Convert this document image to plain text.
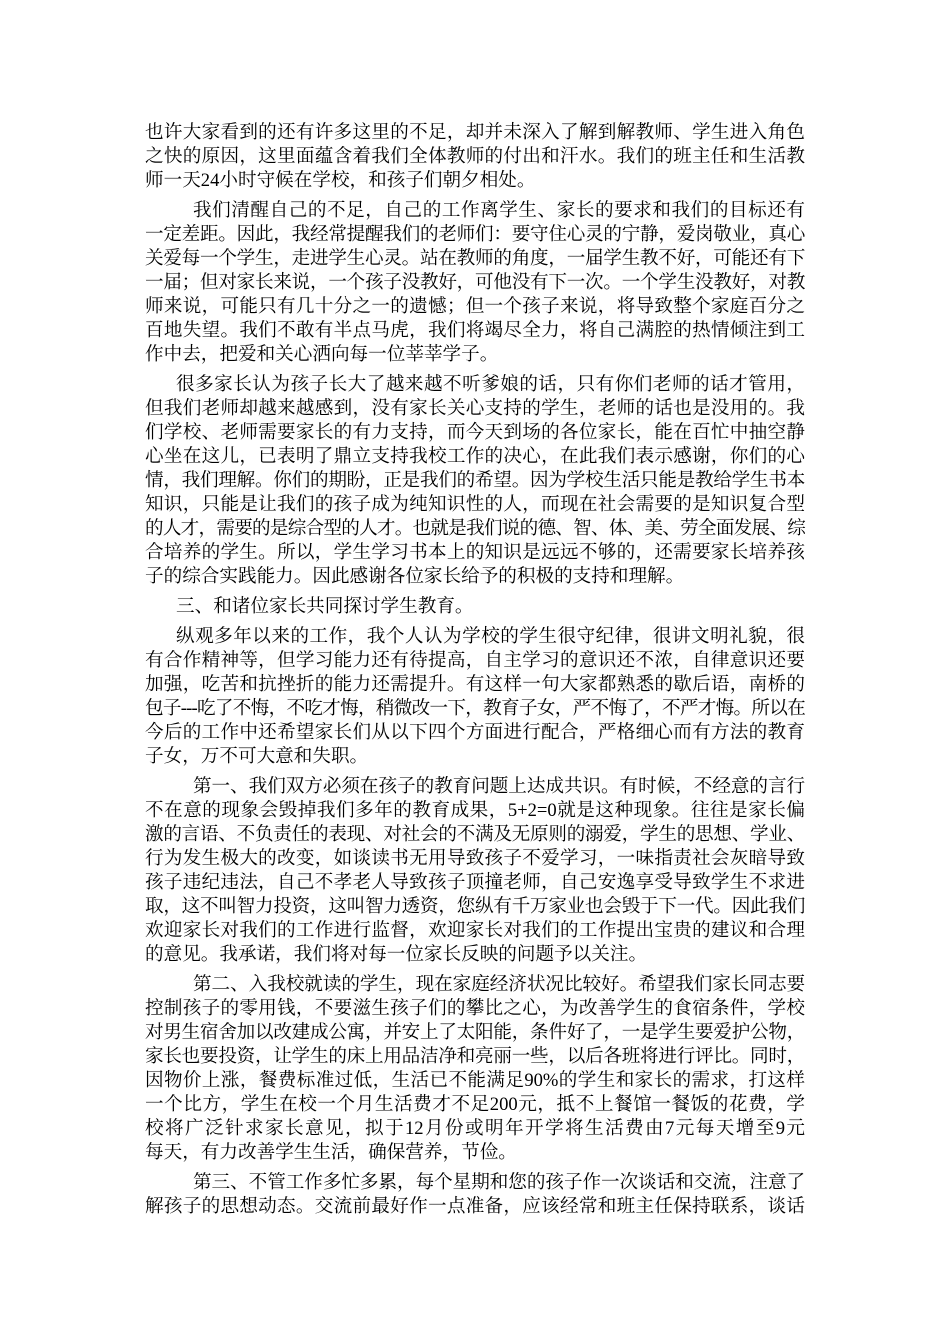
也许大家看到的还有许多这里的不足，却并未深入了解到解教师、学生进入角色
之快的原因，这里面蕴含着我们全体教师的付出和汗水。我们的班主任和生活教
师一天24小时守候在学校，和孩子们朝夕相处。
我们清醒自己的不足，自己的工作离学生、家长的要求和我们的目标还有
一定差距。因此，我经常提醒我们的老师们：要守住心灵的宁静，爱岗敬业，真心
关爱每一个学生，走进学生心灵。站在教师的角度，一届学生教不好，可能还有下
一届；但对家长来说，一个孩子没教好，可他没有下一次。一个学生没教好，对教
师来说，可能只有几十分之一的遗憾；但一个孩子来说，将导致整个家庭百分之
百地失望。我们不敢有半点马虎，我们将竭尽全力，将自己满腔的热情倾注到工
作中去，把爱和关心洒向每一位莘莘学子。
很多家长认为孩子长大了越来越不听爹娘的话，只有你们老师的话才管用，
但我们老师却越来越感到，没有家长关心支持的学生，老师的话也是没用的。我
们学校、老师需要家长的有力支持，而今天到场的各位家长，能在百忙中抽空静
心坐在这儿，已表明了鼎立支持我校工作的决心，在此我们表示感谢，你们的心
情，我们理解。你们的期盼，正是我们的希望。因为学校生活只能是教给学生书本
知识，只能是让我们的孩子成为纯知识性的人，而现在社会需要的是知识复合型
的人才，需要的是综合型的人才。也就是我们说的德、智、体、美、劳全面发展、综
合培养的学生。所以，学生学习书本上的知识是远远不够的，还需要家长培养孩
子的综合实践能力。因此感谢各位家长给予的积极的支持和理解。
三、和诸位家长共同探讨学生教育。
纵观多年以来的工作，我个人认为学校的学生很守纪律，很讲文明礼貌，很
有合作精神等，但学习能力还有待提高，自主学习的意识还不浓，自律意识还要
加强，吃苦和抗挫折的能力还需提升。有这样一句大家都熟悉的歇后语，南桥的
包子---吃了不悔，不吃才悔，稍微改一下，教育子女，严不悔了，不严才悔。所以在
今后的工作中还希望家长们从以下四个方面进行配合，严格细心而有方法的教育
子女，万不可大意和失职。
第一、我们双方必须在孩子的教育问题上达成共识。有时候，不经意的言行
不在意的现象会毁掉我们多年的教育成果，5+2=0就是这种现象。往往是家长偏
激的言语、不负责任的表现、对社会的不满及无原则的溺爱，学生的思想、学业、
行为发生极大的改变，如谈读书无用导致孩子不爱学习，一味指责社会灰暗导致
孩子违纪违法，自己不孝老人导致孩子顶撞老师，自己安逸享受导致学生不求进
取，这不叫智力投资，这叫智力透资，您纵有千万家业也会毁于下一代。因此我们
欢迎家长对我们的工作进行监督，欢迎家长对我们的工作提出宝贵的建议和合理
的意见。我承诺，我们将对每一位家长反映的问题予以关注。
第二、入我校就读的学生，现在家庭经济状况比较好。希望我们家长同志要
控制孩子的零用钱，不要滋生孩子们的攀比之心，为改善学生的食宿条件，学校
对男生宿舍加以改建成公寓，并安上了太阳能，条件好了，一是学生要爱护公物，
家长也要投资，让学生的床上用品洁净和亮丽一些，以后各班将进行评比。同时，
因物价上涨，餐费标准过低，生活已不能满足90%的学生和家长的需求，打这样
一个比方，学生在校一个月生活费才不足200元，抵不上餐馆一餐饭的花费，学
校将广泛针求家长意见，拟于12月份或明年开学将生活费由7元每天增至9元
每天，有力改善学生生活，确保营养，节俭。
第三、不管工作多忙多累，每个星期和您的孩子作一次谈话和交流，注意了
解孩子的思想动态。交流前最好作一点准备，应该经常和班主任保持联系，谈话
